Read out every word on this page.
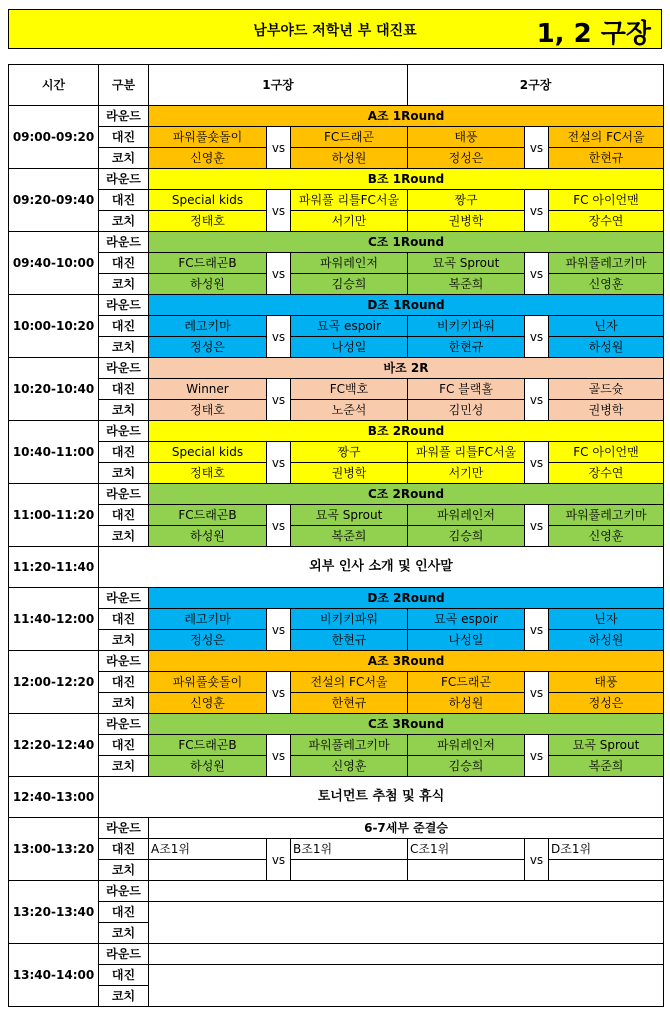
남부야드 저학년 부 대진표	1, 2 구장
시간	구분	1구장			2구장		
09:00-09:20	라운드	A조 1Round					
	대진	파워풀숏돌이	vs	FC드래곤	태풍	vs	전설의 FC서울
	코치	신영훈		하성원	정성은		한현규
09:20-09:40	라운드	B조 1Round					
	대진	Special kids	vs	파워풀 리틀FC서울	짱구	vs	FC 아이언맨
	코치	정태호		서기만	권병학		장수연
09:40-10:00	라운드	C조 1Round					
	대진	FC드래곤B	vs	파워레인저	묘곡 Sprout	vs	파워풀레고키마
	코치	하성원		김승희	복준희		신영훈
10:00-10:20	라운드	D조 1Round					
	대진	레고키마	vs	묘곡 espoir	비키키파워	vs	닌자
	코치	정성은		나성일	한현규		하성원
10:20-10:40	라운드	바조 2R					
	대진	Winner	vs	FC백호	FC 블랙홀	vs	골드슛
	코치	정태호		노준석	김민성		권병학
10:40-11:00	라운드	B조 2Round					
	대진	Special kids	vs	짱구	파워풀 리틀FC서울	vs	FC 아이언맨
	코치	정태호		권병학	서기만		장수연
11:00-11:20	라운드	C조 2Round					
	대진	FC드래곤B	vs	묘곡 Sprout	파워레인저	vs	파워풀레고키마
	코치	하성원		복준희	김승희		신영훈
11:20-11:40	외부 인사 소개 및 인사말						
11:40-12:00	라운드	D조 2Round					
	대진	레고키마	vs	비키키파워	묘곡 espoir	vs	닌자
	코치	정성은		한현규	나성일		하성원
12:00-12:20	라운드	A조 3Round					
	대진	파워풀숏돌이	vs	전설의 FC서울	FC드래곤	vs	태풍
	코치	신영훈		한현규	하성원		정성은
12:20-12:40	라운드	C조 3Round					
	대진	FC드래곤B	vs	파워풀레고키마	파워레인저	vs	묘곡 Sprout
	코치	하성원		신영훈	김승희		복준희
12:40-13:00	토너먼트 추첨 및 휴식						
13:00-13:20	라운드	6-7세부 준결승					
	대진	A조1위	vs	B조1위	C조1위	vs	D조1위
	코치						
13:20-13:40	라운드						
	대진						
	코치						
13:40-14:00	라운드						
	대진						
	코치						
